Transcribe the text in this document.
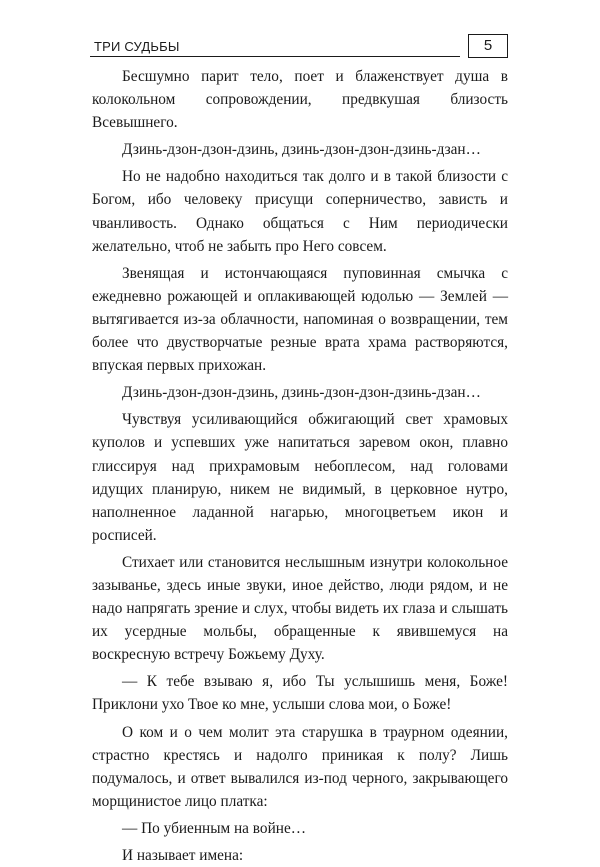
ТРИ СУДЬБЫ	5

Бесшумно парит тело, поет и блаженствует душа в колокольном сопровождении, предвкушая близость Всевышнего.

Дзинь-дзон-дзон-дзинь, дзинь-дзон-дзон-дзинь-дзан…

Но не надобно находиться так долго и в такой близости с Богом, ибо человеку присущи соперничество, зависть и чванливость. Однако общаться с Ним периодически желательно, чтоб не забыть про Него совсем.

Звенящая и истончающаяся пуповинная смычка с ежедневно рожающей и оплакивающей юдолью — Землей — вытягивается из-за облачности, напоминая о возвращении, тем более что двустворчатые резные врата храма растворяются, впуская первых прихожан.

Дзинь-дзон-дзон-дзинь, дзинь-дзон-дзон-дзинь-дзан…

Чувствуя усиливающийся обжигающий свет храмовых куполов и успевших уже напитаться заревом окон, плавно глиссируя над прихрамовым небоплесом, над головами идущих планирую, никем не видимый, в церковное нутро, наполненное ладанной нагарью, многоцветьем икон и росписей.

Стихает или становится неслышным изнутри колокольное зазыванье, здесь иные звуки, иное действо, люди рядом, и не надо напрягать зрение и слух, чтобы видеть их глаза и слышать их усердные мольбы, обращенные к явившемуся на воскресную встречу Божьему Духу.

— К тебе взываю я, ибо Ты услышишь меня, Боже! Приклони ухо Твое ко мне, услыши слова мои, о Боже!

О ком и о чем молит эта старушка в траурном одеянии, страстно крестясь и надолго приникая к полу? Лишь подумалось, и ответ вывалился из-под черного, закрывающего морщинистое лицо платка:

— По убиенным на войне…

И называет имена:
